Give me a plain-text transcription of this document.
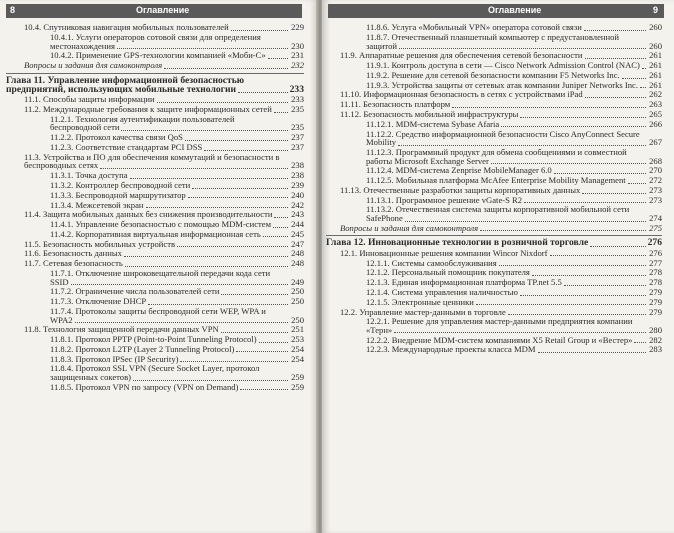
8	Оглавление
10.4. Спутниковая навигация мобильных пользователей	229
10.4.1. Услуги операторов сотовой связи для определения местонахождения	230
10.4.2. Применение GPS-технологии компанией «Моби-С»	231
Вопросы и задания для самоконтроля	232
Глава 11. Управление информационной безопасностью предприятий, использующих мобильные технологии	233
11.1. Способы защиты информации	233
11.2. Международные требования к защите информационных сетей	235
11.2.1. Технология аутентификации пользователей беспроводной сети	235
11.2.2. Протокол качества связи QoS	237
11.2.3. Соответствие стандартам PCI DSS	237
11.3. Устройства и ПО для обеспечения коммутаций и безопасности в беспроводных сетях	238
11.3.1. Точка доступа	238
11.3.2. Контроллер беспроводной сети	239
11.3.3. Беспроводной маршрутизатор	240
11.3.4. Межсетевой экран	242
11.4. Защита мобильных данных без снижения производительности	243
11.4.1. Управление безопасностью с помощью MDM-систем	244
11.4.2. Корпоративная виртуальная информационная сеть	245
11.5. Безопасность мобильных устройств	247
11.6. Безопасность данных	248
11.7. Сетевая безопасность	248
11.7.1. Отключение широковещательной передачи кода сети SSID	249
11.7.2. Ограничение числа пользователей сети	250
11.7.3. Отключение DHCP	250
11.7.4. Протоколы защиты беспроводной сети WEP, WPA и WPA2	250
11.8. Технология защищенной передачи данных VPN	251
11.8.1. Протокол PPTP (Point-to-Point Tunneling Protocol)	253
11.8.2. Протокол L2TP (Layer 2 Tunneling Protocol)	254
11.8.3. Протокол IPSec (IP Security)	254
11.8.4. Протокол SSL VPN (Secure Socket Layer, протокол защищенных сокетов)	259
11.8.5. Протокол VPN по запросу (VPN on Demand)	259
Оглавление	9
11.8.6. Услуга «Мобильный VPN» оператора сотовой связи	260
11.8.7. Отечественный планшетный компьютер с предустановленной защитой	260
11.9. Аппаратные решения для обеспечения сетевой безопасности	261
11.9.1. Контроль доступа в сети — Cisco Network Admission Control (NAC) 261
11.9.2. Решение для сетевой безопасности компании F5 Networks Inc.	261
11.9.3. Устройства защиты от сетевых атак компании Juniper Networks Inc.	261
11.10. Информационная безопасность в сетях с устройствами iPad	262
11.11. Безопасность платформ	263
11.12. Безопасность мобильной инфраструктуры	265
11.12.1. MDM-система Sybase Afaria	266
11.12.2. Средство информационной безопасности Cisco AnyConnect Secure Mobility	267
11.12.3. Программный продукт для обмена сообщениями и совместной работы Microsoft Exchange Server	268
11.12.4. MDM-система Zenprise MobileManager 6.0	270
11.12.5. Мобильная платформа McAfee Enterprise Mobility Management	272
11.13. Отечественные разработки защиты корпоративных данных	273
11.13.1. Программное решение vGate-S R2	273
11.13.2. Отечественная система защиты корпоративной мобильной сети SafePhone	274
Вопросы и задания для самоконтроля	275
Глава 12. Инновационные технологии в розничной торговле	276
12.1. Инновационные решения компании Wincor Nixdorf	276
12.1.1. Системы самообслуживания	277
12.1.2. Персональный помощник покупателя	278
12.1.3. Единая информационная платформа TP.net 5.5	278
12.1.4. Система управления наличностью	279
12.1.5. Электронные ценники	279
12.2. Управление мастер-данными в торговле	279
12.2.1. Решение для управления мастер-данными предприятия компании «Терн»	280
12.2.2. Внедрение MDM-систем компаниями X5 Retail Group и «Вестер»	282
12.2.3. Международные проекты класса MDM	283
